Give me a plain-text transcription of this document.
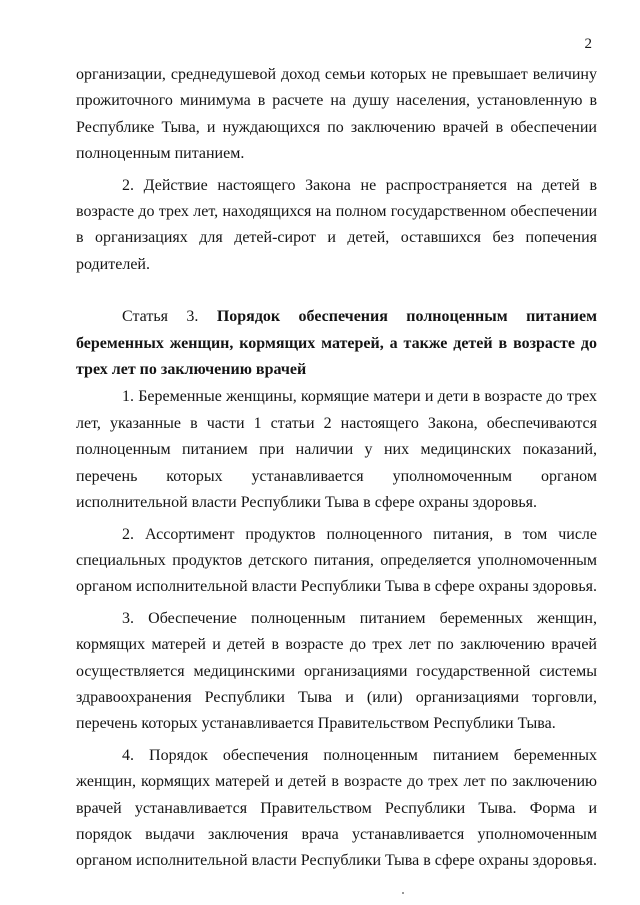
2

организации, среднедушевой доход семьи которых не превышает величину прожиточного минимума в расчете на душу населения, установленную в Республике Тыва, и нуждающихся по заключению врачей в обеспечении полноценным питанием.

2. Действие настоящего Закона не распространяется на детей в возрасте до трех лет, находящихся на полном государственном обеспечении в организациях для детей-сирот и детей, оставшихся без попечения родителей.

Статья 3. Порядок обеспечения полноценным питанием беременных женщин, кормящих матерей, а также детей в возрасте до трех лет по заключению врачей

1. Беременные женщины, кормящие матери и дети в возрасте до трех лет, указанные в части 1 статьи 2 настоящего Закона, обеспечиваются полноценным питанием при наличии у них медицинских показаний, перечень которых устанавливается уполномоченным органом исполнительной власти Республики Тыва в сфере охраны здоровья.

2. Ассортимент продуктов полноценного питания, в том числе специальных продуктов детского питания, определяется уполномоченным органом исполнительной власти Республики Тыва в сфере охраны здоровья.

3. Обеспечение полноценным питанием беременных женщин, кормящих матерей и детей в возрасте до трех лет по заключению врачей осуществляется медицинскими организациями государственной системы здравоохранения Республики Тыва и (или) организациями торговли, перечень которых устанавливается Правительством Республики Тыва.

4. Порядок обеспечения полноценным питанием беременных женщин, кормящих матерей и детей в возрасте до трех лет по заключению врачей устанавливается Правительством Республики Тыва. Форма и порядок выдачи заключения врача устанавливается уполномоченным органом исполнительной власти Республики Тыва в сфере охраны здоровья.
